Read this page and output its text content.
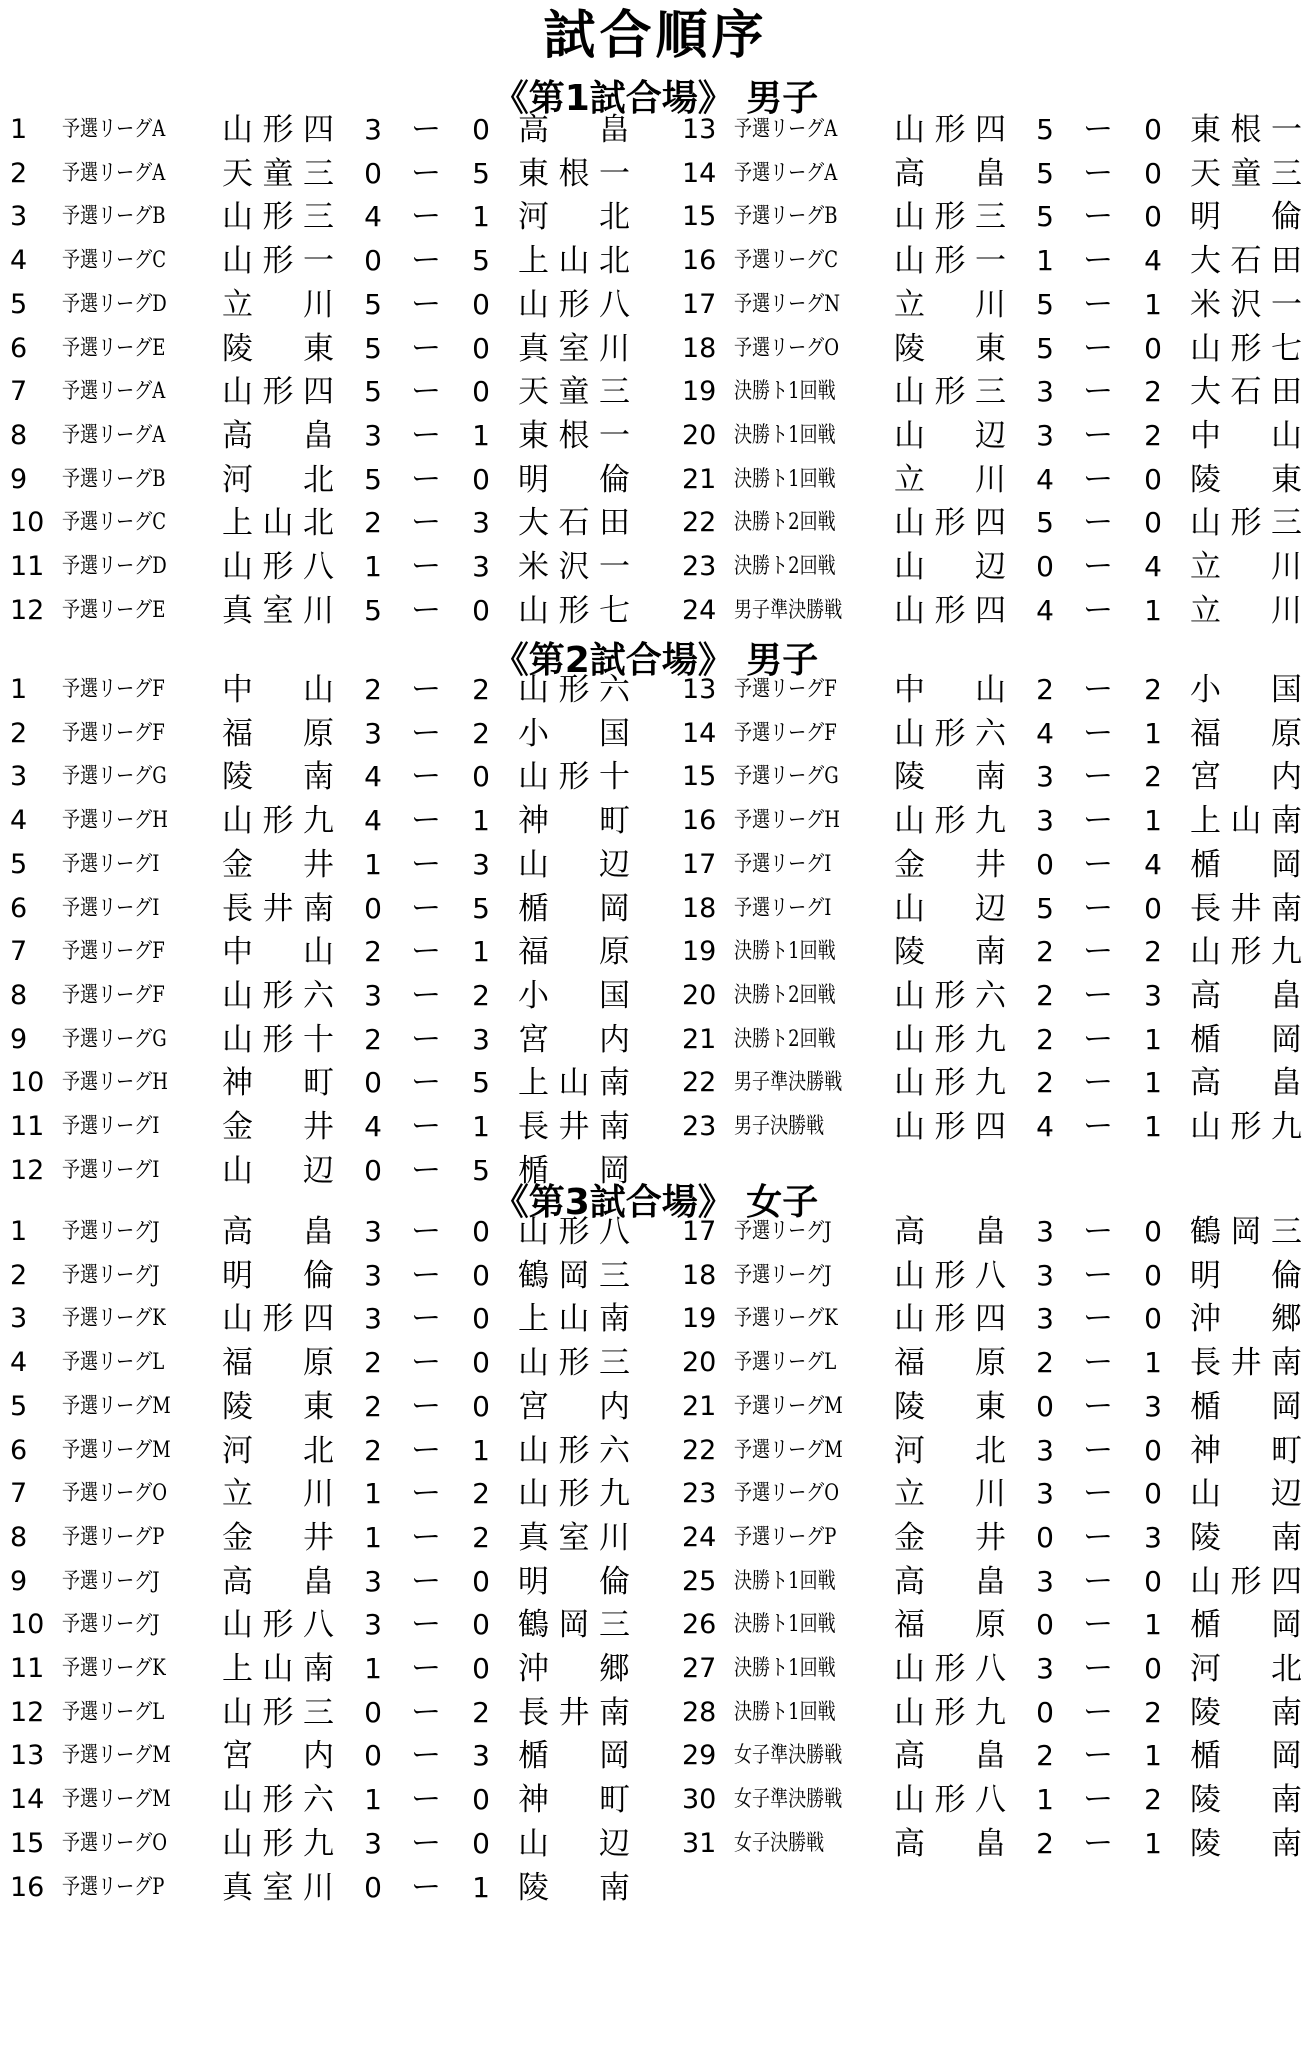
試合順序
《第1試合場》 男子
1	予選リーグA	山形四 3 ー	0 高　畠
2	予選リーグA	天童三 0 ー	5 東根一
3	予選リーグB	山形三 4 ー	1 河　北
4	予選リーグC	山形一 0 ー	5 上山北
5	予選リーグD	立　川 5 ー	0 山形八
6	予選リーグE	陵　東 5 ー	0 真室川
7	予選リーグA	山形四 5 ー	0 天童三
8	予選リーグA	高　畠 3 ー	1 東根一
9	予選リーグB	河　北 5 ー	0 明　倫
10 予選リーグC	上山北 2 ー	3 大石田
11 予選リーグD	山形八 1 ー	3 米沢一
12 予選リーグE	真室川 5 ー	0 山形七
13 予選リーグA	山形四 5 ー	0 東根一
14 予選リーグA	高　畠 5 ー	0 天童三
15 予選リーグB	山形三 5 ー	0 明　倫
16 予選リーグC	山形一 1 ー	4 大石田
17 予選リーグN	立　川 5 ー	1 米沢一
18 予選リーグO	陵　東 5 ー	0 山形七
19 決勝ト1回戦	山形三 3 ー	2 大石田
20 決勝ト1回戦	山　辺 3 ー	2 中　山
21 決勝ト1回戦	立　川 4 ー	0 陵　東
22 決勝ト2回戦	山形四 5 ー	0 山形三
23 決勝ト2回戦	山　辺 0 ー	4 立　川
24 男子準決勝戦	山形四 4 ー	1 立　川
《第2試合場》 男子
1	予選リーグF	中　山 2 ー	2 山形六
2	予選リーグF	福　原 3 ー	2 小　国
3	予選リーグG	陵　南 4 ー	0 山形十
4	予選リーグH	山形九 4 ー	1 神　町
5	予選リーグI	金　井 1 ー	3 山　辺
6	予選リーグI	長井南 0 ー	5 楯　岡
7	予選リーグF	中　山 2 ー	1 福　原
8	予選リーグF	山形六 3 ー	2 小　国
9	予選リーグG	山形十 2 ー	3 宮　内
10 予選リーグH	神　町 0 ー	5 上山南
11 予選リーグI	金　井 4 ー	1 長井南
12 予選リーグI	山　辺 0 ー	5 楯　岡
13 予選リーグF	中　山 2 ー	2 小　国
14 予選リーグF	山形六 4 ー	1 福　原
15 予選リーグG	陵　南 3 ー	2 宮　内
16 予選リーグH	山形九 3 ー	1 上山南
17 予選リーグI	金　井 0 ー	4 楯　岡
18 予選リーグI	山　辺 5 ー	0 長井南
19 決勝ト1回戦	陵　南 2 ー	2 山形九
20 決勝ト2回戦	山形六 2 ー	3 高　畠
21 決勝ト2回戦	山形九 2 ー	1 楯　岡
22 男子準決勝戦	山形九 2 ー	1 高　畠
23 男子決勝戦	山形四 4 ー	1 山形九
《第3試合場》 女子
1	予選リーグJ	高　畠 3 ー	0 山形八
2	予選リーグJ	明　倫 3 ー	0 鶴岡三
3	予選リーグK	山形四 3 ー	0 上山南
4	予選リーグL	福　原 2 ー	0 山形三
5	予選リーグM	陵　東 2 ー	0 宮　内
6	予選リーグM	河　北 2 ー	1 山形六
7	予選リーグO	立　川 1 ー	2 山形九
8	予選リーグP	金　井 1 ー	2 真室川
9	予選リーグJ	高　畠 3 ー	0 明　倫
10 予選リーグJ	山形八 3 ー	0 鶴岡三
11 予選リーグK	上山南 1 ー	0 沖　郷
12 予選リーグL	山形三 0 ー	2 長井南
13 予選リーグM	宮　内 0 ー	3 楯　岡
14 予選リーグM	山形六 1 ー	0 神　町
15 予選リーグO	山形九 3 ー	0 山　辺
16 予選リーグP	真室川 0 ー	1 陵　南
17 予選リーグJ	高　畠 3 ー	0 鶴岡三
18 予選リーグJ	山形八 3 ー	0 明　倫
19 予選リーグK	山形四 3 ー	0 沖　郷
20 予選リーグL	福　原 2 ー	1 長井南
21 予選リーグM	陵　東 0 ー	3 楯　岡
22 予選リーグM	河　北 3 ー	0 神　町
23 予選リーグO	立　川 3 ー	0 山　辺
24 予選リーグP	金　井 0 ー	3 陵　南
25 決勝ト1回戦	高　畠 3 ー	0 山形四
26 決勝ト1回戦	福　原 0 ー	1 楯　岡
27 決勝ト1回戦	山形八 3 ー	0 河　北
28 決勝ト1回戦	山形九 0 ー	2 陵　南
29 女子準決勝戦	高　畠 2 ー	1 楯　岡
30 女子準決勝戦	山形八 1 ー	2 陵　南
31 女子決勝戦	高　畠 2 ー	1 陵　南
